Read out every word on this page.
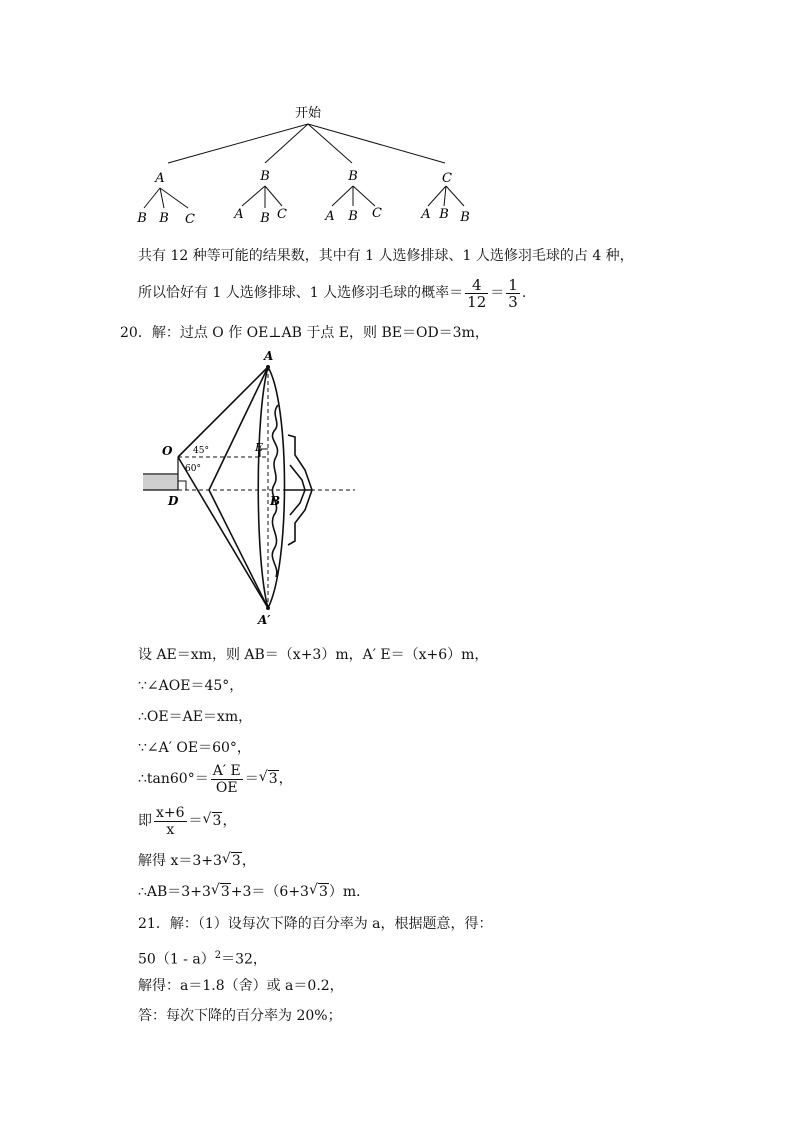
开始
A	B	B	C
B B C	A B C	A B C	A B B
共有 12 种等可能的结果数，其中有 1 人选修排球、1 人选修羽毛球的占 4 种，
所以恰好有 1 人选修排球、1 人选修羽毛球的概率＝ $\frac{4}{12} = \frac{1}{3}$ .
20．解：过点 O 作 OE⊥AB 于点 E，则 BE＝OD＝3m，
A
A′
O
D	B
E
45°
60°
设 AE＝xm，则 AB＝（x+3）m，A′ E＝（x+6）m，
∵∠AOE＝45°，
∴OE＝AE＝xm，
∵∠A′ OE＝60°，
∴tan60°＝ $\frac{A' E}{OE}$ ＝ √ 3，
即 $\frac{x+6}{x}$ ＝ √ 3，
解得 x＝3+3 √ 3，
∴AB＝3+3 √ 3+3＝（6+3 √ 3）m．
21．解：（1）设每次下降的百分率为 a，根据题意，得：
50（1 - a）$^2$＝32，
解得：a＝1.8（舍）或 a＝0.2，
答：每次下降的百分率为 20%；
